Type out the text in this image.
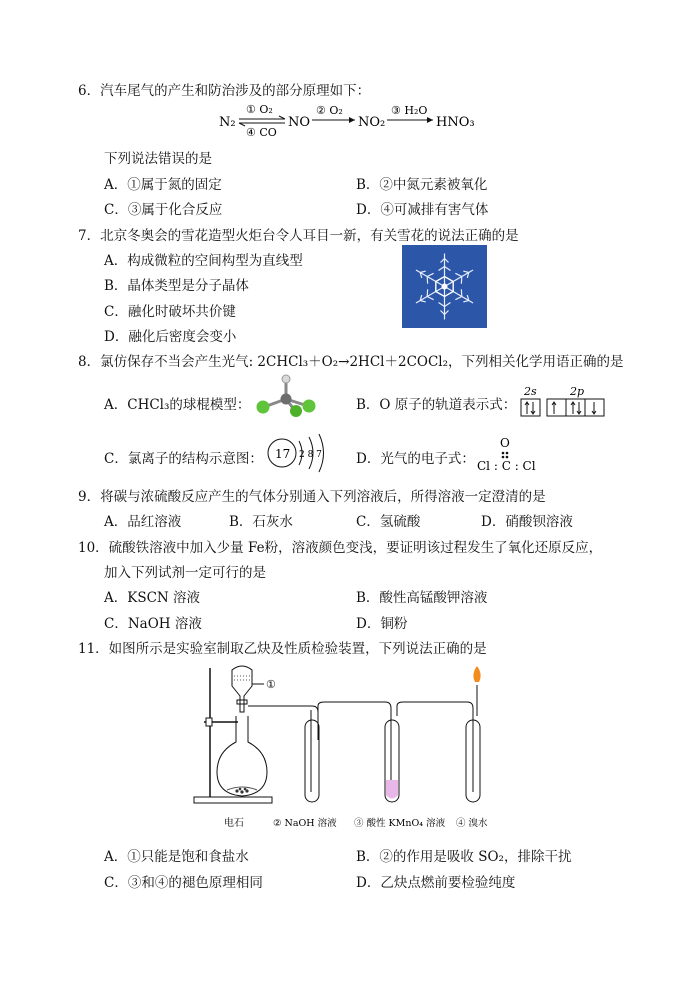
6．汽车尾气的产生和防治涉及的部分原理如下：
N₂
① O₂
④ CO
NO
② O₂
NO₂
③ H₂O
HNO₃
下列说法错误的是
A．①属于氮的固定	B．②中氮元素被氧化
C．③属于化合反应	D．④可减排有害气体
7．北京冬奥会的雪花造型火炬台令人耳目一新，有关雪花的说法正确的是
A．构成微粒的空间构型为直线型
B．晶体类型是分子晶体
C．融化时破坏共价键
D．融化后密度会变小
8．氯仿保存不当会产生光气: 2CHCl₃＋O₂→2HCl＋2COCl₂，下列相关化学用语正确的是
A．CHCl₃的球棍模型：	B．O 原子的轨道表示式：
2s	2p
C．氯离子的结构示意图： 17 2 8 7	D．光气的电子式：
O
Cl : C : Cl
9．将碳与浓硫酸反应产生的气体分别通入下列溶液后，所得溶液一定澄清的是
A．品红溶液	B．石灰水	C．氢硫酸	D．硝酸钡溶液
10．硫酸铁溶液中加入少量 Fe粉，溶液颜色变浅，要证明该过程发生了氧化还原反应，
加入下列试剂一定可行的是
A．KSCN 溶液	B．酸性高锰酸钾溶液
C．NaOH 溶液	D．铜粉
11．如图所示是实验室制取乙炔及性质检验装置，下列说法正确的是
①
电石	② NaOH 溶液 ③ 酸性 KMnO₄ 溶液 ④ 溴水
A．①只能是饱和食盐水	B．②的作用是吸收 SO₂，排除干扰
C．③和④的褪色原理相同	D．乙炔点燃前要检验纯度
